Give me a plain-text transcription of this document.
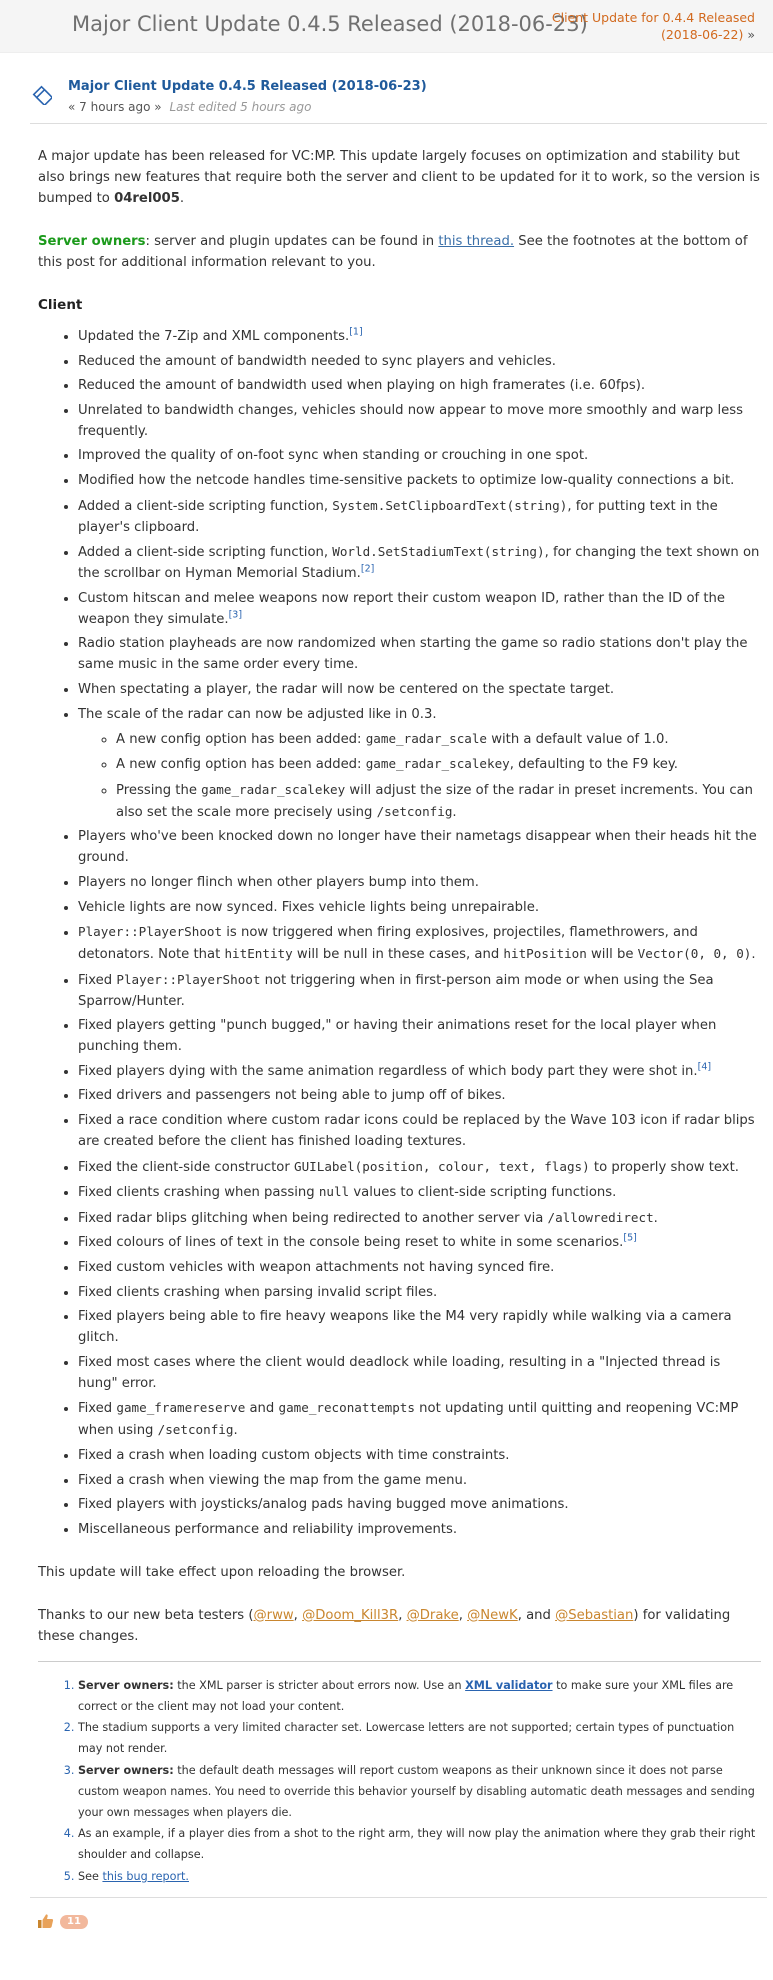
Major Client Update 0.4.5 Released (2018-06-23)
Client Update for 0.4.4 Released (2018-06-22) »
Major Client Update 0.4.5 Released (2018-06-23)
« 7 hours ago » Last edited 5 hours ago

A major update has been released for VC:MP. This update largely focuses on optimization and stability but also brings new features that require both the server and client to be updated for it to work, so the version is bumped to 04rel005.

Server owners: server and plugin updates can be found in this thread. See the footnotes at the bottom of this post for additional information relevant to you.

Client
• Updated the 7-Zip and XML components.[1]
• Reduced the amount of bandwidth needed to sync players and vehicles.
• Reduced the amount of bandwidth used when playing on high framerates (i.e. 60fps).
• Unrelated to bandwidth changes, vehicles should now appear to move more smoothly and warp less frequently.
• Improved the quality of on-foot sync when standing or crouching in one spot.
• Modified how the netcode handles time-sensitive packets to optimize low-quality connections a bit.
• Added a client-side scripting function, System.SetClipboardText(string), for putting text in the player's clipboard.
• Added a client-side scripting function, World.SetStadiumText(string), for changing the text shown on the scrollbar on Hyman Memorial Stadium.[2]
• Custom hitscan and melee weapons now report their custom weapon ID, rather than the ID of the weapon they simulate.[3]
• Radio station playheads are now randomized when starting the game so radio stations don't play the same music in the same order every time.
• When spectating a player, the radar will now be centered on the spectate target.
• The scale of the radar can now be adjusted like in 0.3.
◦ A new config option has been added: game_radar_scale with a default value of 1.0.
◦ A new config option has been added: game_radar_scalekey, defaulting to the F9 key.
◦ Pressing the game_radar_scalekey will adjust the size of the radar in preset increments. You can also set the scale more precisely using /setconfig.
• Players who've been knocked down no longer have their nametags disappear when their heads hit the ground.
• Players no longer flinch when other players bump into them.
• Vehicle lights are now synced. Fixes vehicle lights being unrepairable.
• Player::PlayerShoot is now triggered when firing explosives, projectiles, flamethrowers, and detonators. Note that hitEntity will be null in these cases, and hitPosition will be Vector(0, 0, 0).
• Fixed Player::PlayerShoot not triggering when in first-person aim mode or when using the Sea Sparrow/Hunter.
• Fixed players getting "punch bugged," or having their animations reset for the local player when punching them.
• Fixed players dying with the same animation regardless of which body part they were shot in.[4]
• Fixed drivers and passengers not being able to jump off of bikes.
• Fixed a race condition where custom radar icons could be replaced by the Wave 103 icon if radar blips are created before the client has finished loading textures.
• Fixed the client-side constructor GUILabel(position, colour, text, flags) to properly show text.
• Fixed clients crashing when passing null values to client-side scripting functions.
• Fixed radar blips glitching when being redirected to another server via /allowredirect.
• Fixed colours of lines of text in the console being reset to white in some scenarios.[5]
• Fixed custom vehicles with weapon attachments not having synced fire.
• Fixed clients crashing when parsing invalid script files.
• Fixed players being able to fire heavy weapons like the M4 very rapidly while walking via a camera glitch.
• Fixed most cases where the client would deadlock while loading, resulting in a "Injected thread is hung" error.
• Fixed game_framereserve and game_reconattempts not updating until quitting and reopening VC:MP when using /setconfig.
• Fixed a crash when loading custom objects with time constraints.
• Fixed a crash when viewing the map from the game menu.
• Fixed players with joysticks/analog pads having bugged move animations.
• Miscellaneous performance and reliability improvements.

This update will take effect upon reloading the browser.

Thanks to our new beta testers (@rww, @Doom_Kill3R, @Drake, @NewK, and @Sebastian) for validating these changes.

1. Server owners: the XML parser is stricter about errors now. Use an XML validator to make sure your XML files are correct or the client may not load your content.
2. The stadium supports a very limited character set. Lowercase letters are not supported; certain types of punctuation may not render.
3. Server owners: the default death messages will report custom weapons as their unknown since it does not parse custom weapon names. You need to override this behavior yourself by disabling automatic death messages and sending your own messages when players die.
4. As an example, if a player dies from a shot to the right arm, they will now play the animation where they grab their right shoulder and collapse.
5. See this bug report.
11
